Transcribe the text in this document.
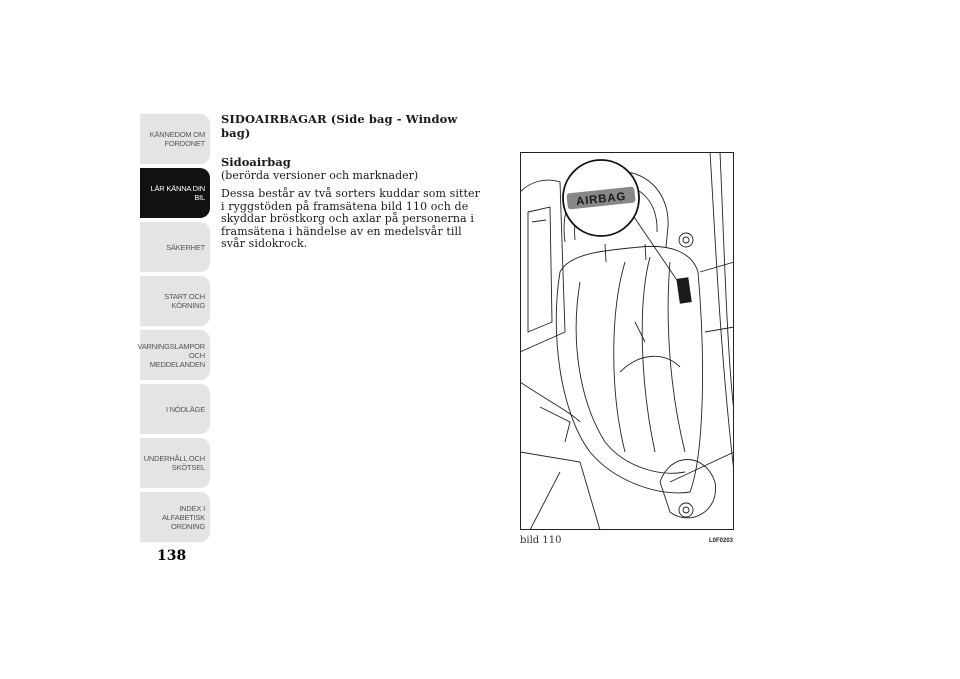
KÄNNEDOM OM
FORDONET
LÄR KÄNNA DIN
BIL
SÄKERHET
START OCH
KÖRNING
VARNINGSLAMPOR
OCH
MEDDELANDEN
I NÖDLÄGE
UNDERHÅLL OCH
SKÖTSEL
INDEX I
ALFABETISK
ORDNING
138
SIDOAIRBAGAR (Side bag - Window bag)
Sidoairbag

(berörda versioner och marknader)

Dessa består av två sorters kuddar som sitter i ryggstöden på framsätena bild 110 och de skyddar bröstkorg och axlar på personerna i framsätena i händelse av en medelsvår till svår sidokrock.

AIRBAG
bild 110	L0F0203
